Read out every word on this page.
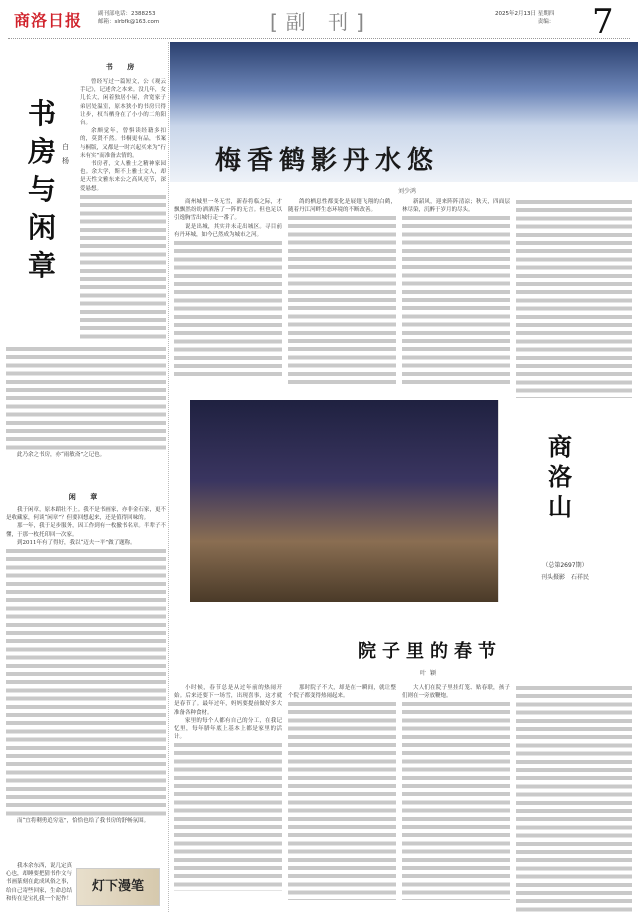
商洛日报	副刊部电话：2388253
邮箱：slrbfk@163.com	[副 刊]	2025年2月13日 星期四
责编： 7
书
房
与
闲
章
白杨
书 房

曾经写过一篇短文，公《观云手记》，记述舍之本来。没几年，女儿长大，闲着独居小屋，舍宽家子弟居处温室，原本狭小的书房只得让步，权当栖身在了小小的二角阳台。

余颇觉年，曾惧读经籍多扣的，莫贤不然。书桐更有品，书案与桐版，又都是一时兴起买来为“行未有实”而准备去情的。

书房者，文人雅士之精神家园也。余大学，斯不上雅士文人，却是天性文雅东来公之高风亮节，深爱悬想。

此乃余之书房，亦“雨敏斋”之记也。

闲 章

我于闲章，原本蹈壮不上。我不是书画家，亦非金石家，更不是收藏家，何谈“闲章”？但要回想起来，还是值得回味的。

那一年，我于足步服务，因工作到有一枚撤书名章。半辈子不懂，于那一枚托印回一次家。

到2011年有了得好，我以“迈夫一平”做了题称。

而“宜将剩勇追穷寇”，恰恰也给了我书房的舒畅氛围。

我本余东西，说几定真心也，却睡要把猜书作文与书画篆刻在此成风俗之事，给自己寄些回家，生命总结和传在是宝扎我一个泥作！

灯下漫笔
梅香鹤影丹水悠
刘少鸿

商州城里一冬无雪，新春将临之际，才飘飘然纷纷洒洒落了一阵的无言。但也足以引逸胸雪出城行走一番了。

说是出城，其实并未走出城区。寻目前有丹环城，如今已然成为城市之河。

鸽的栖息性都变化是展翅飞翔的白鹤，随着丹江河畔生态环境的不断改善。

新韶风，迎来阵阵清凉；秋天，四面层林尽染，沉醉于岁月的尽头。

商洛山
（总第2697期）
刊头摄影　石祥民
院子里的春节
叶颖

小时候，春节总是从过年前的热闹开始。后来还要下一场雪，出现喜事，这才就是春节了。最年过年，妈妈要提前做好多大准备各种食材。

家里的每个人都有自己的分工，在我记忆里，每年腊年底上基本上都是家里的活计。

那时院子不大，却是在一瞬间，就让整个院子都变得热闹起来。

大人们在院子里挂灯笼、贴春联，孩子们则在一旁放鞭炮。
